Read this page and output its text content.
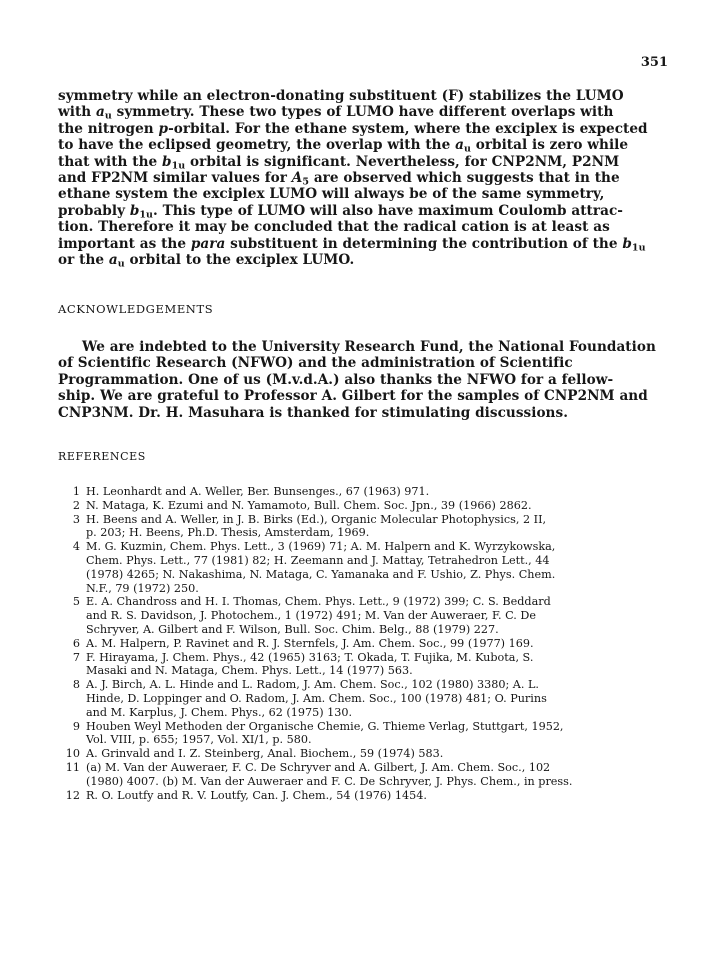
351
symmetry while an electron-donating substituent (F) stabilizes the LUMO
with $a_u$ symmetry. These two types of LUMO have different overlaps with
the nitrogen p-orbital. For the ethane system, where the exciplex is expected
to have the eclipsed geometry, the overlap with the $a_u$ orbital is zero while
that with the $b_{1u}$ orbital is significant. Nevertheless, for CNP2NM, P2NM
and FP2NM similar values for $A_5$ are observed which suggests that in the
ethane system the exciplex LUMO will always be of the same symmetry,
probably $b_{1u}$. This type of LUMO will also have maximum Coulomb attrac-
tion. Therefore it may be concluded that the radical cation is at least as
important as the para substituent in determining the contribution of the $b_{1u}$
or the $a_u$ orbital to the exciplex LUMO.
ACKNOWLEDGEMENTS
We are indebted to the University Research Fund, the National Foundation
of Scientific Research (NFWO) and the administration of Scientific
Programmation. One of us (M.v.d.A.) also thanks the NFWO for a fellow-
ship. We are grateful to Professor A. Gilbert for the samples of CNP2NM and
CNP3NM. Dr. H. Masuhara is thanked for stimulating discussions.
REFERENCES
1 H. Leonhardt and A. Weller, Ber. Bunsenges., 67 (1963) 971.
2 N. Mataga, K. Ezumi and N. Yamamoto, Bull. Chem. Soc. Jpn., 39 (1966) 2862.
3 H. Beens and A. Weller, in J. B. Birks (Ed.), Organic Molecular Photophysics, 2 II,
p. 203; H. Beens, Ph.D. Thesis, Amsterdam, 1969.
4 M. G. Kuzmin, Chem. Phys. Lett., 3 (1969) 71; A. M. Halpern and K. Wyrzykowska,
Chem. Phys. Lett., 77 (1981) 82; H. Zeemann and J. Mattay, Tetrahedron Lett., 44
(1978) 4265; N. Nakashima, N. Mataga, C. Yamanaka and F. Ushio, Z. Phys. Chem.
N.F., 79 (1972) 250.
5 E. A. Chandross and H. I. Thomas, Chem. Phys. Lett., 9 (1972) 399; C. S. Beddard
and R. S. Davidson, J. Photochem., 1 (1972) 491; M. Van der Auweraer, F. C. De
Schryver, A. Gilbert and F. Wilson, Bull. Soc. Chim. Belg., 88 (1979) 227.
6 A. M. Halpern, P. Ravinet and R. J. Sternfels, J. Am. Chem. Soc., 99 (1977) 169.
7 F. Hirayama, J. Chem. Phys., 42 (1965) 3163; T. Okada, T. Fujika, M. Kubota, S.
Masaki and N. Mataga, Chem. Phys. Lett., 14 (1977) 563.
8 A. J. Birch, A. L. Hinde and L. Radom, J. Am. Chem. Soc., 102 (1980) 3380; A. L.
Hinde, D. Loppinger and O. Radom, J. Am. Chem. Soc., 100 (1978) 481; O. Purins
and M. Karplus, J. Chem. Phys., 62 (1975) 130.
9 Houben Weyl Methoden der Organische Chemie, G. Thieme Verlag, Stuttgart, 1952,
Vol. VIII, p. 655; 1957, Vol. XI/1, p. 580.
10 A. Grinvald and I. Z. Steinberg, Anal. Biochem., 59 (1974) 583.
11 (a) M. Van der Auweraer, F. C. De Schryver and A. Gilbert, J. Am. Chem. Soc., 102
(1980) 4007. (b) M. Van der Auweraer and F. C. De Schryver, J. Phys. Chem., in press.
12 R. O. Loutfy and R. V. Loutfy, Can. J. Chem., 54 (1976) 1454.
